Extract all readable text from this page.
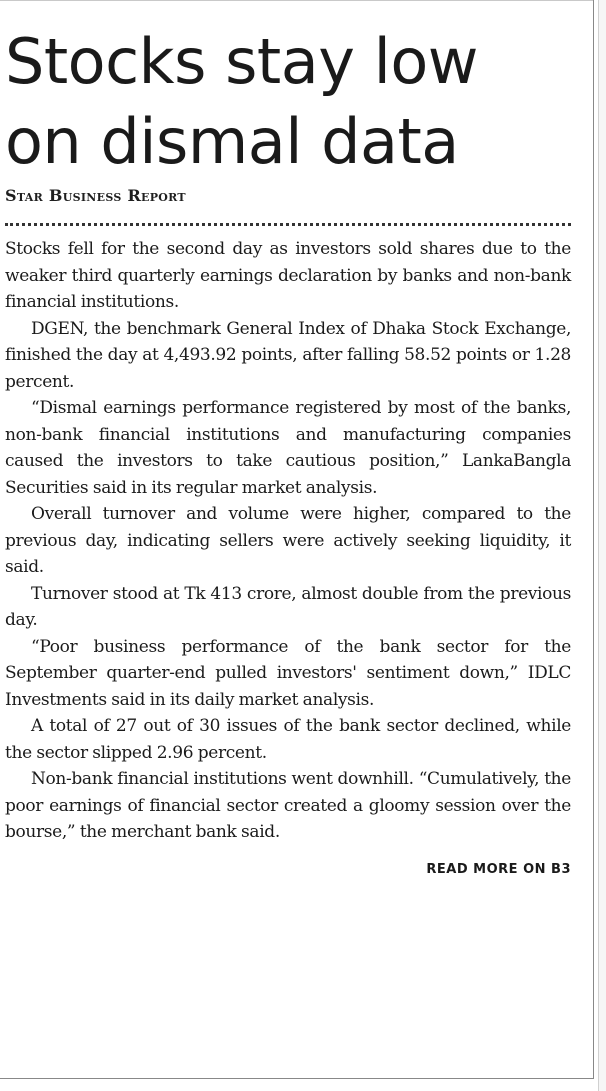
Stocks stay low on dismal data
Star Business Report

Stocks fell for the second day as investors sold shares due to the weaker third quarterly earnings declaration by banks and non-bank financial institutions.

DGEN, the benchmark General Index of Dhaka Stock Exchange, finished the day at 4,493.92 points, after falling 58.52 points or 1.28 percent.

“Dismal earnings performance registered by most of the banks, non-bank financial institutions and manufacturing companies caused the investors to take cautious position,” LankaBangla Securities said in its regular market analysis.

Overall turnover and volume were higher, compared to the previous day, indicating sellers were actively seeking liquidity, it said.

Turnover stood at Tk 413 crore, almost double from the previous day.

“Poor business performance of the bank sector for the September quarter-end pulled investors' sentiment down,” IDLC Investments said in its daily market analysis.

A total of 27 out of 30 issues of the bank sector declined, while the sector slipped 2.96 percent.

Non-bank financial institutions went downhill. “Cumulatively, the poor earnings of financial sector created a gloomy session over the bourse,” the merchant bank said.

READ MORE ON B3
